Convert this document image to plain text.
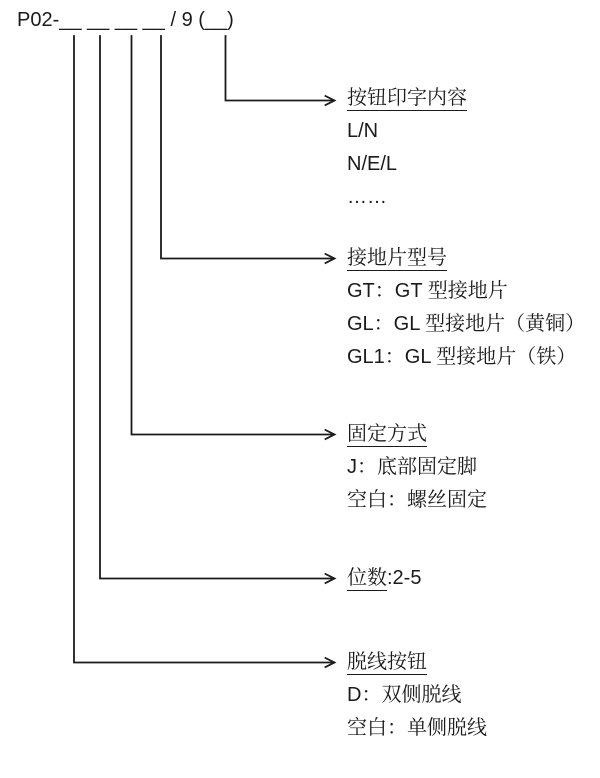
P02-__ __ __ __ / 9 (__)
按钮印字内容
L/N
N/E/L
……
接地片型号
GT：GT 型接地片
GL：GL 型接地片（黄铜）
GL1：GL 型接地片（铁）
固定方式
J：底部固定脚
空白：螺丝固定
位数:2-5
脱线按钮
D：双侧脱线
空白：单侧脱线
